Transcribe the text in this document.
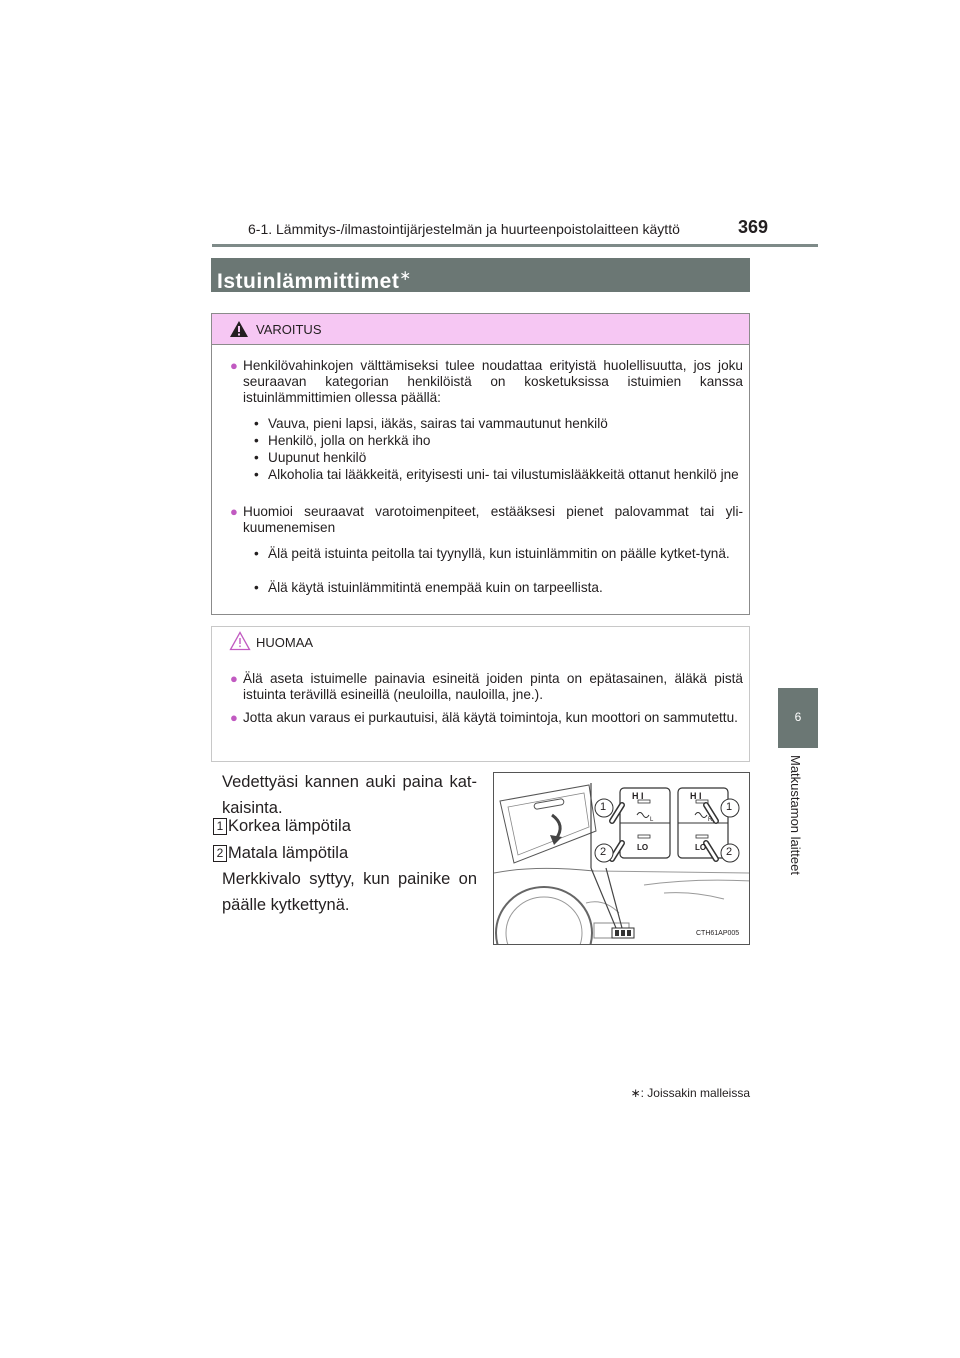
6-1. Lämmitys-/ilmastointijärjestelmän ja huurteenpoistolaitteen käyttö	369
6
Matkustamon laitteet
Istuinlämmittimet∗
VAROITUS
● Henkilövahinkojen välttämiseksi tulee noudattaa erityistä huolellisuutta, jos joku seuraavan kategorian henkilöistä on kosketuksissa istuimien kanssa istuinlämmittimien ollessa päällä:
• Vauva, pieni lapsi, iäkäs, sairas tai vammautunut henkilö
• Henkilö, jolla on herkkä iho
• Uupunut henkilö
• Alkoholia tai lääkkeitä, erityisesti uni- tai vilustumislääkkeitä ottanut henkilö jne
● Huomioi seuraavat varotoimenpiteet, estääksesi pienet palovammat tai yli-kuumenemisen
• Älä peitä istuinta peitolla tai tyynyllä, kun istuinlämmitin on päälle kytket-tynä.
• Älä käytä istuinlämmitintä enempää kuin on tarpeellista.
HUOMAA
● Älä aseta istuimelle painavia esineitä joiden pinta on epätasainen, äläkä pistä istuinta terävillä esineillä (neuloilla, nauloilla, jne.).
● Jotta akun varaus ei purkautuisi, älä käytä toimintoja, kun moottori on sammutettu.
Vedettyäsi kannen auki paina kat-kaisinta.
1 Korkea lämpötila
2 Matala lämpötila
Merkkivalo syttyy, kun painike on päälle kytkettynä.
H I	H I
LO	LO
L	R
1
2
1
2
CTH61AP005
∗: Joissakin malleissa
